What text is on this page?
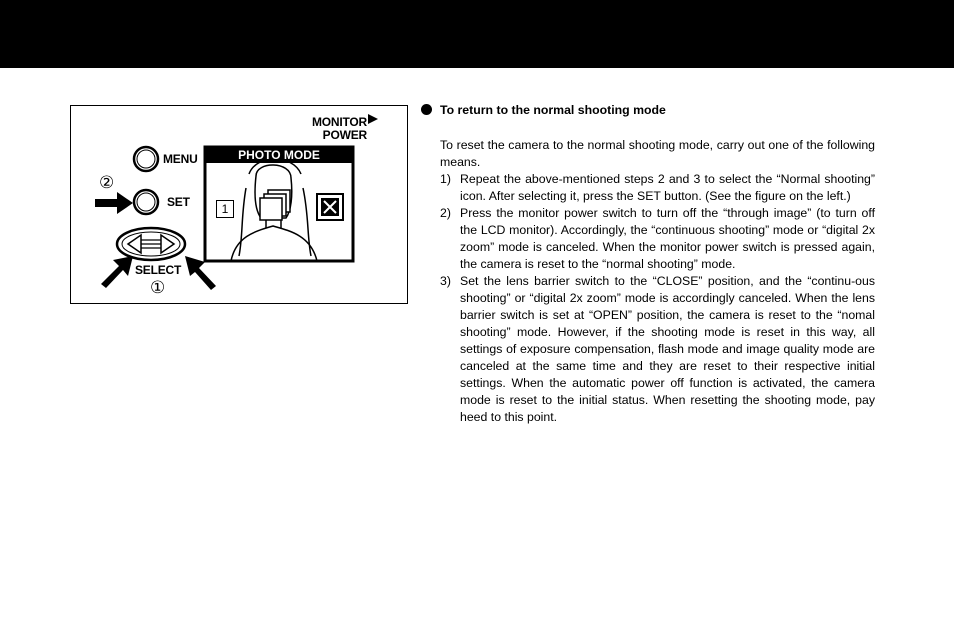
MONITOR
POWER
MENU
SET
SELECT
②
①
PHOTO MODE
1
To return to the normal shooting mode
To reset the camera to the normal shooting mode, carry out one of the following means.
1) Repeat the above-mentioned steps 2 and 3 to select the “Normal shooting” icon. After selecting it, press the SET button. (See the figure on the left.)
2) Press the monitor power switch to turn off the “through image” (to turn off the LCD monitor). Accordingly, the “continuous shooting” mode or “digital 2x zoom” mode is canceled. When the monitor power switch is pressed again, the camera is reset to the “normal shooting” mode.
3) Set the lens barrier switch to the “CLOSE” position, and the “continu-ous shooting” or “digital 2x zoom” mode is accordingly canceled. When the lens barrier switch is set at “OPEN” position, the camera is reset to the “nomal shooting” mode. However, if the shooting mode is reset in this way, all settings of exposure compensation, flash mode and image quality mode are canceled at the same time and they are reset to their respective initial settings. When the automatic power off function is activated, the camera mode is reset to the initial status. When resetting the shooting mode, pay heed to this point.
